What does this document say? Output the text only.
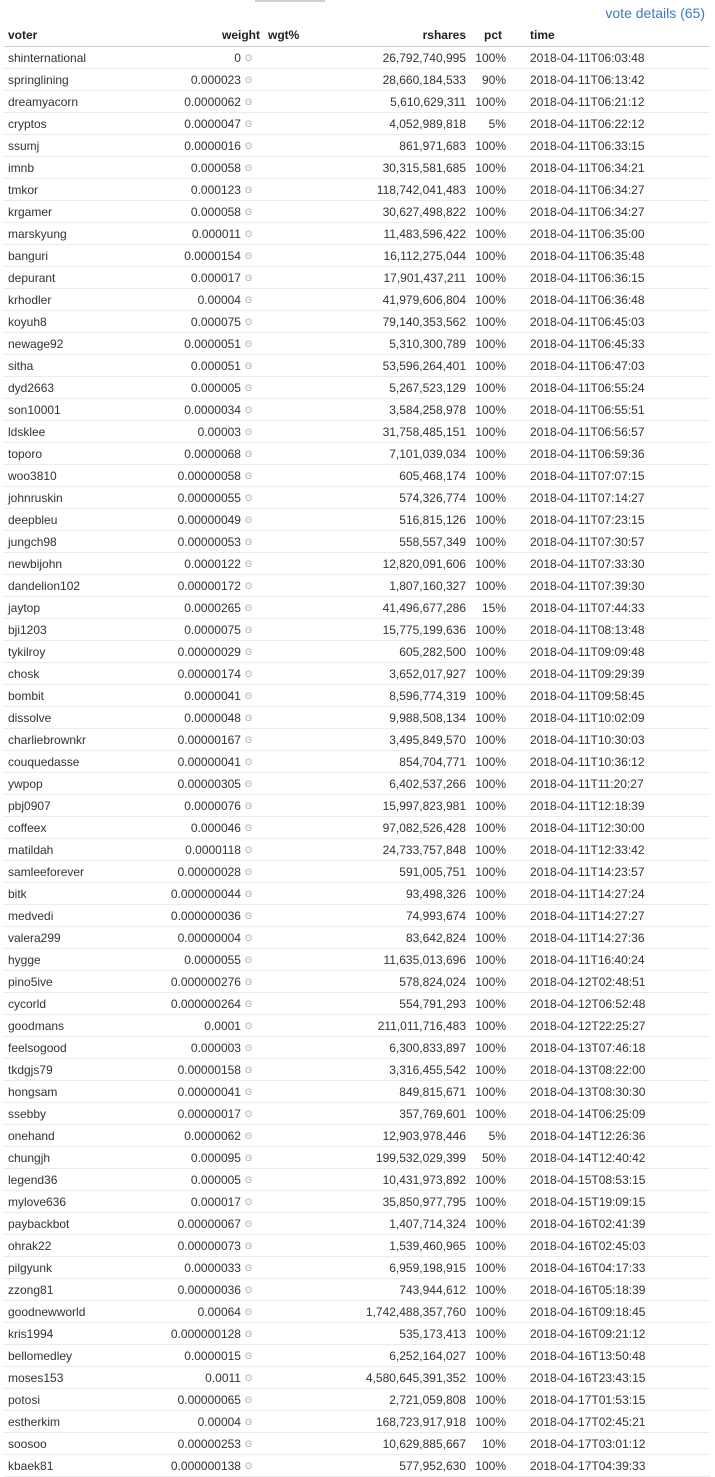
vote details (65)
voter	weight	wgt%	rshares	pct	time
shinternational	0 Θ		26,792,740,995	100%	2018-04-11T06:03:48
springlining	0.000023 Θ		28,660,184,533	90%	2018-04-11T06:13:42
dreamyacorn	0.0000062 Θ		5,610,629,311	100%	2018-04-11T06:21:12
cryptos	0.0000047 Θ		4,052,989,818	5%	2018-04-11T06:22:12
ssumj	0.0000016 Θ		861,971,683	100%	2018-04-11T06:33:15
imnb	0.000058 Θ		30,315,581,685	100%	2018-04-11T06:34:21
tmkor	0.000123 Θ		118,742,041,483	100%	2018-04-11T06:34:27
krgamer	0.000058 Θ		30,627,498,822	100%	2018-04-11T06:34:27
marskyung	0.000011 Θ		11,483,596,422	100%	2018-04-11T06:35:00
banguri	0.0000154 Θ		16,112,275,044	100%	2018-04-11T06:35:48
depurant	0.000017 Θ		17,901,437,211	100%	2018-04-11T06:36:15
krhodler	0.00004 Θ		41,979,606,804	100%	2018-04-11T06:36:48
koyuh8	0.000075 Θ		79,140,353,562	100%	2018-04-11T06:45:03
newage92	0.0000051 Θ		5,310,300,789	100%	2018-04-11T06:45:33
sitha	0.000051 Θ		53,596,264,401	100%	2018-04-11T06:47:03
dyd2663	0.000005 Θ		5,267,523,129	100%	2018-04-11T06:55:24
son10001	0.0000034 Θ		3,584,258,978	100%	2018-04-11T06:55:51
ldsklee	0.00003 Θ		31,758,485,151	100%	2018-04-11T06:56:57
toporo	0.0000068 Θ		7,101,039,034	100%	2018-04-11T06:59:36
woo3810	0.00000058 Θ		605,468,174	100%	2018-04-11T07:07:15
johnruskin	0.00000055 Θ		574,326,774	100%	2018-04-11T07:14:27
deepbleu	0.00000049 Θ		516,815,126	100%	2018-04-11T07:23:15
jungch98	0.00000053 Θ		558,557,349	100%	2018-04-11T07:30:57
newbijohn	0.0000122 Θ		12,820,091,606	100%	2018-04-11T07:33:30
dandelion102	0.00000172 Θ		1,807,160,327	100%	2018-04-11T07:39:30
jaytop	0.0000265 Θ		41,496,677,286	15%	2018-04-11T07:44:33
bji1203	0.0000075 Θ		15,775,199,636	100%	2018-04-11T08:13:48
tykilroy	0.00000029 Θ		605,282,500	100%	2018-04-11T09:09:48
chosk	0.00000174 Θ		3,652,017,927	100%	2018-04-11T09:29:39
bombit	0.0000041 Θ		8,596,774,319	100%	2018-04-11T09:58:45
dissolve	0.0000048 Θ		9,988,508,134	100%	2018-04-11T10:02:09
charliebrownkr	0.00000167 Θ		3,495,849,570	100%	2018-04-11T10:30:03
couquedasse	0.00000041 Θ		854,704,771	100%	2018-04-11T10:36:12
ywpop	0.00000305 Θ		6,402,537,266	100%	2018-04-11T11:20:27
pbj0907	0.0000076 Θ		15,997,823,981	100%	2018-04-11T12:18:39
coffeex	0.000046 Θ		97,082,526,428	100%	2018-04-11T12:30:00
matildah	0.0000118 Θ		24,733,757,848	100%	2018-04-11T12:33:42
samleeforever	0.00000028 Θ		591,005,751	100%	2018-04-11T14:23:57
bitk	0.000000044 Θ		93,498,326	100%	2018-04-11T14:27:24
medvedi	0.000000036 Θ		74,993,674	100%	2018-04-11T14:27:27
valera299	0.00000004 Θ		83,642,824	100%	2018-04-11T14:27:36
hygge	0.0000055 Θ		11,635,013,696	100%	2018-04-11T16:40:24
pino5ive	0.000000276 Θ		578,824,024	100%	2018-04-12T02:48:51
cycorld	0.000000264 Θ		554,791,293	100%	2018-04-12T06:52:48
goodmans	0.0001 Θ		211,011,716,483	100%	2018-04-12T22:25:27
feelsogood	0.000003 Θ		6,300,833,897	100%	2018-04-13T07:46:18
tkdgjs79	0.00000158 Θ		3,316,455,542	100%	2018-04-13T08:22:00
hongsam	0.00000041 Θ		849,815,671	100%	2018-04-13T08:30:30
ssebby	0.00000017 Θ		357,769,601	100%	2018-04-14T06:25:09
onehand	0.0000062 Θ		12,903,978,446	5%	2018-04-14T12:26:36
chungjh	0.000095 Θ		199,532,029,399	50%	2018-04-14T12:40:42
legend36	0.000005 Θ		10,431,973,892	100%	2018-04-15T08:53:15
mylove636	0.000017 Θ		35,850,977,795	100%	2018-04-15T19:09:15
paybackbot	0.00000067 Θ		1,407,714,324	100%	2018-04-16T02:41:39
ohrak22	0.00000073 Θ		1,539,460,965	100%	2018-04-16T02:45:03
pilgyunk	0.0000033 Θ		6,959,198,915	100%	2018-04-16T04:17:33
zzong81	0.00000036 Θ		743,944,612	100%	2018-04-16T05:18:39
goodnewworld	0.00064 Θ		1,742,488,357,760	100%	2018-04-16T09:18:45
kris1994	0.000000128 Θ		535,173,413	100%	2018-04-16T09:21:12
bellomedley	0.0000015 Θ		6,252,164,027	100%	2018-04-16T13:50:48
moses153	0.0011 Θ		4,580,645,391,352	100%	2018-04-16T23:43:15
potosi	0.00000065 Θ		2,721,059,808	100%	2018-04-17T01:53:15
estherkim	0.00004 Θ		168,723,917,918	100%	2018-04-17T02:45:21
soosoo	0.00000253 Θ		10,629,885,667	10%	2018-04-17T03:01:12
kbaek81	0.000000138 Θ		577,952,630	100%	2018-04-17T04:39:33
